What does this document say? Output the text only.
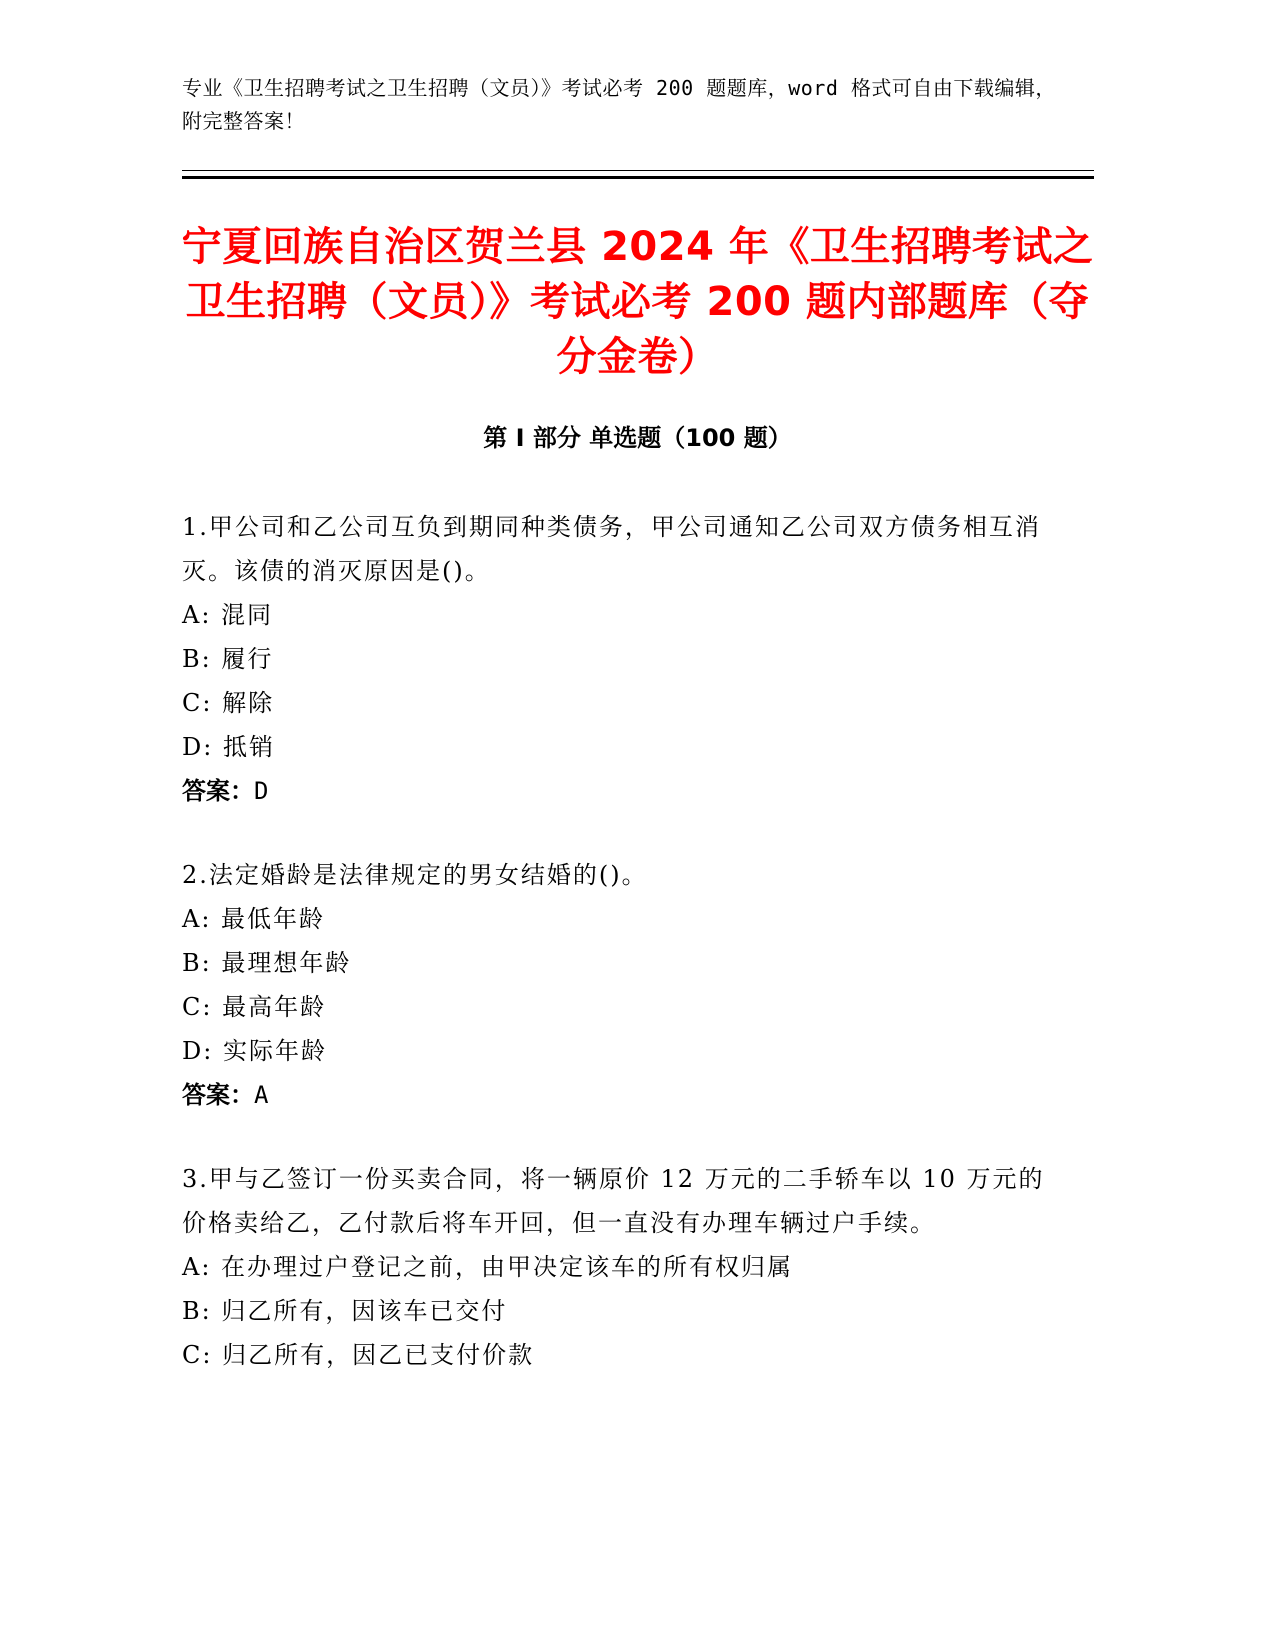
专业《卫生招聘考试之卫生招聘（文员）》考试必考 200 题题库，word 格式可自由下载编辑，附完整答案！
宁夏回族自治区贺兰县 2024 年《卫生招聘考试之卫生招聘（文员）》考试必考 200 题内部题库（夺分金卷）
第 I 部分 单选题（100 题）
1.甲公司和乙公司互负到期同种类债务，甲公司通知乙公司双方债务相互消灭。该债的消灭原因是()。
A: 混同
B: 履行
C: 解除
D: 抵销
答案：D
2.法定婚龄是法律规定的男女结婚的()。
A: 最低年龄
B: 最理想年龄
C: 最高年龄
D: 实际年龄
答案：A
3.甲与乙签订一份买卖合同，将一辆原价 12 万元的二手轿车以 10 万元的价格卖给乙，乙付款后将车开回，但一直没有办理车辆过户手续。
A: 在办理过户登记之前，由甲决定该车的所有权归属
B: 归乙所有，因该车已交付
C: 归乙所有，因乙已支付价款
